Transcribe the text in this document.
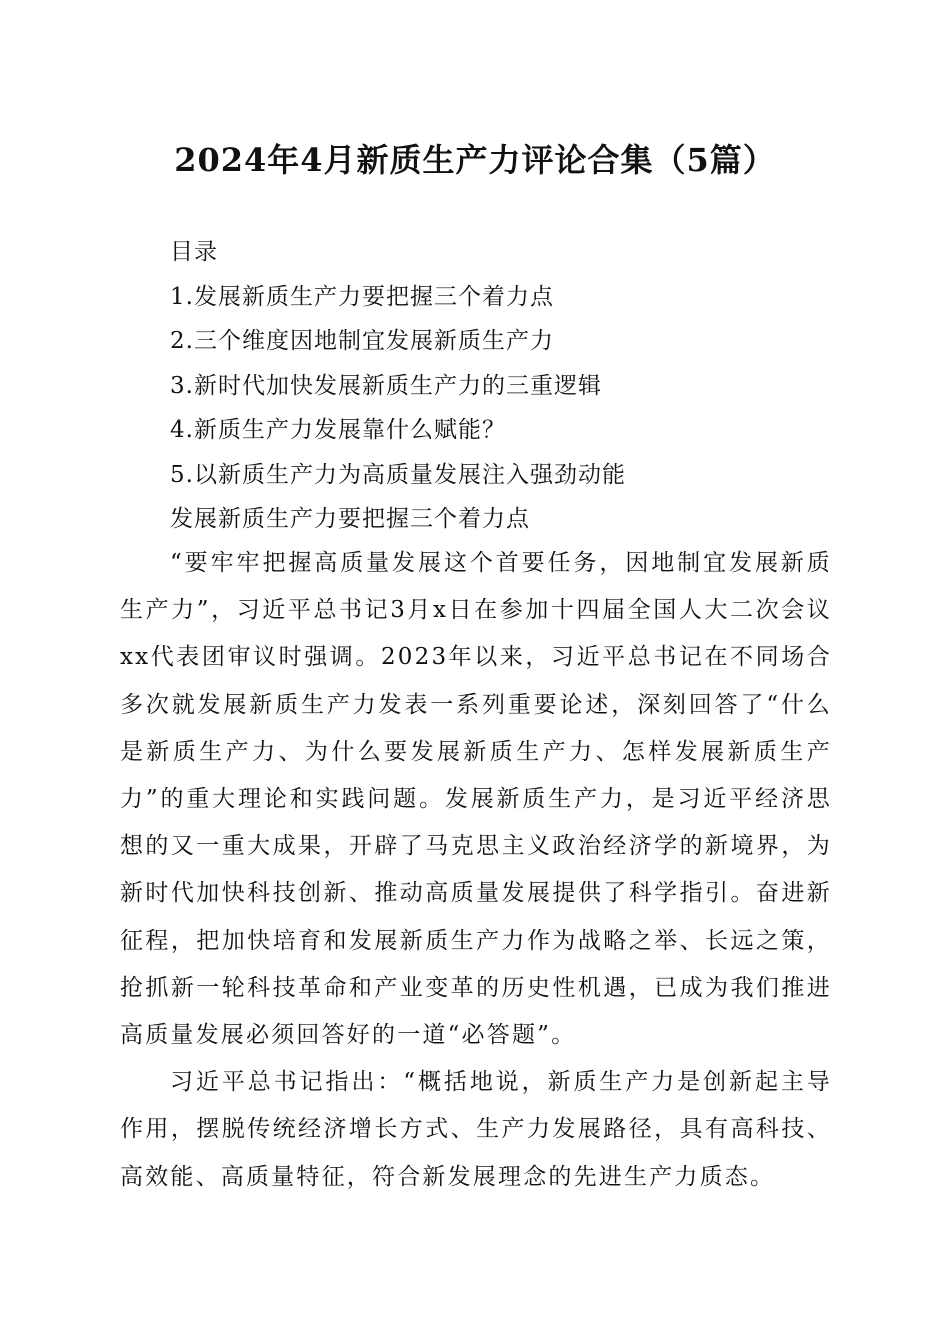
2024年4月新质生产力评论合集（5篇）
目录
1.发展新质生产力要把握三个着力点
2.三个维度因地制宜发展新质生产力
3.新时代加快发展新质生产力的三重逻辑
4.新质生产力发展靠什么赋能？
5.以新质生产力为高质量发展注入强劲动能
发展新质生产力要把握三个着力点

“要牢牢把握高质量发展这个首要任务，因地制宜发展新质生产力”，习近平总书记3月x日在参加十四届全国人大二次会议xx代表团审议时强调。2023年以来，习近平总书记在不同场合多次就发展新质生产力发表一系列重要论述，深刻回答了“什么是新质生产力、为什么要发展新质生产力、怎样发展新质生产力”的重大理论和实践问题。发展新质生产力，是习近平经济思想的又一重大成果，开辟了马克思主义政治经济学的新境界，为新时代加快科技创新、推动高质量发展提供了科学指引。奋进新征程，把加快培育和发展新质生产力作为战略之举、长远之策，抢抓新一轮科技革命和产业变革的历史性机遇，已成为我们推进高质量发展必须回答好的一道“必答题”。

习近平总书记指出：“概括地说，新质生产力是创新起主导作用，摆脱传统经济增长方式、生产力发展路径，具有高科技、高效能、高质量特征，符合新发展理念的先进生产力质态。
